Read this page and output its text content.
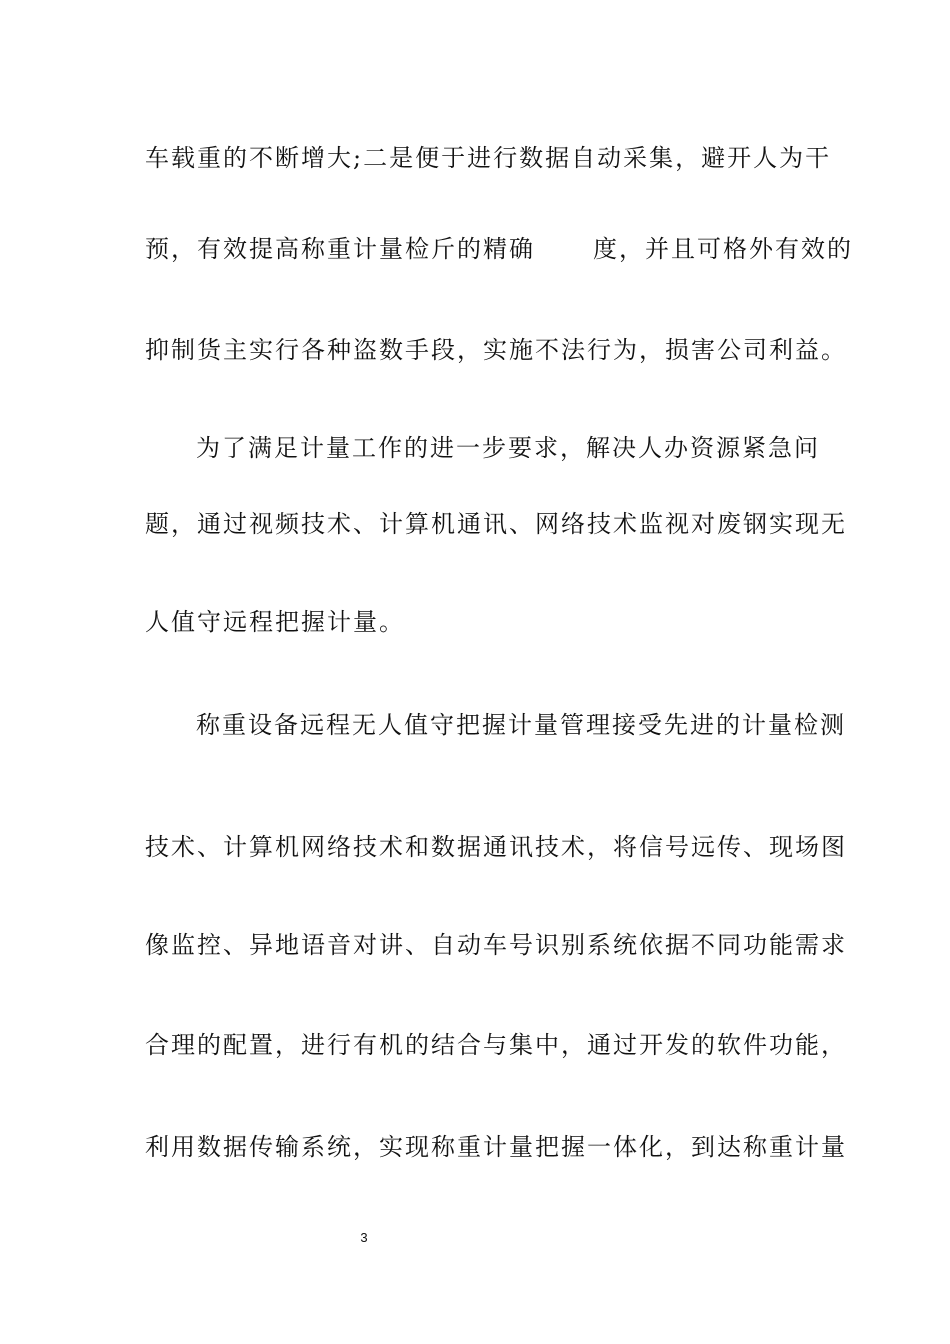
车载重的不断增大;二是便于进行数据自动采集，避开人为干
预，有效提高称重计量检斤的精确 度，并且可格外有效的
抑制货主实行各种盗数手段，实施不法行为，损害公司利益。
为了满足计量工作的进一步要求，解决人办资源紧急问
题，通过视频技术、计算机通讯、网络技术监视对废钢实现无
人值守远程把握计量。
称重设备远程无人值守把握计量管理接受先进的计量检测
技术、计算机网络技术和数据通讯技术，将信号远传、现场图
像监控、异地语音对讲、自动车号识别系统依据不同功能需求
合理的配置，进行有机的结合与集中，通过开发的软件功能，
利用数据传输系统，实现称重计量把握一体化，到达称重计量
3
